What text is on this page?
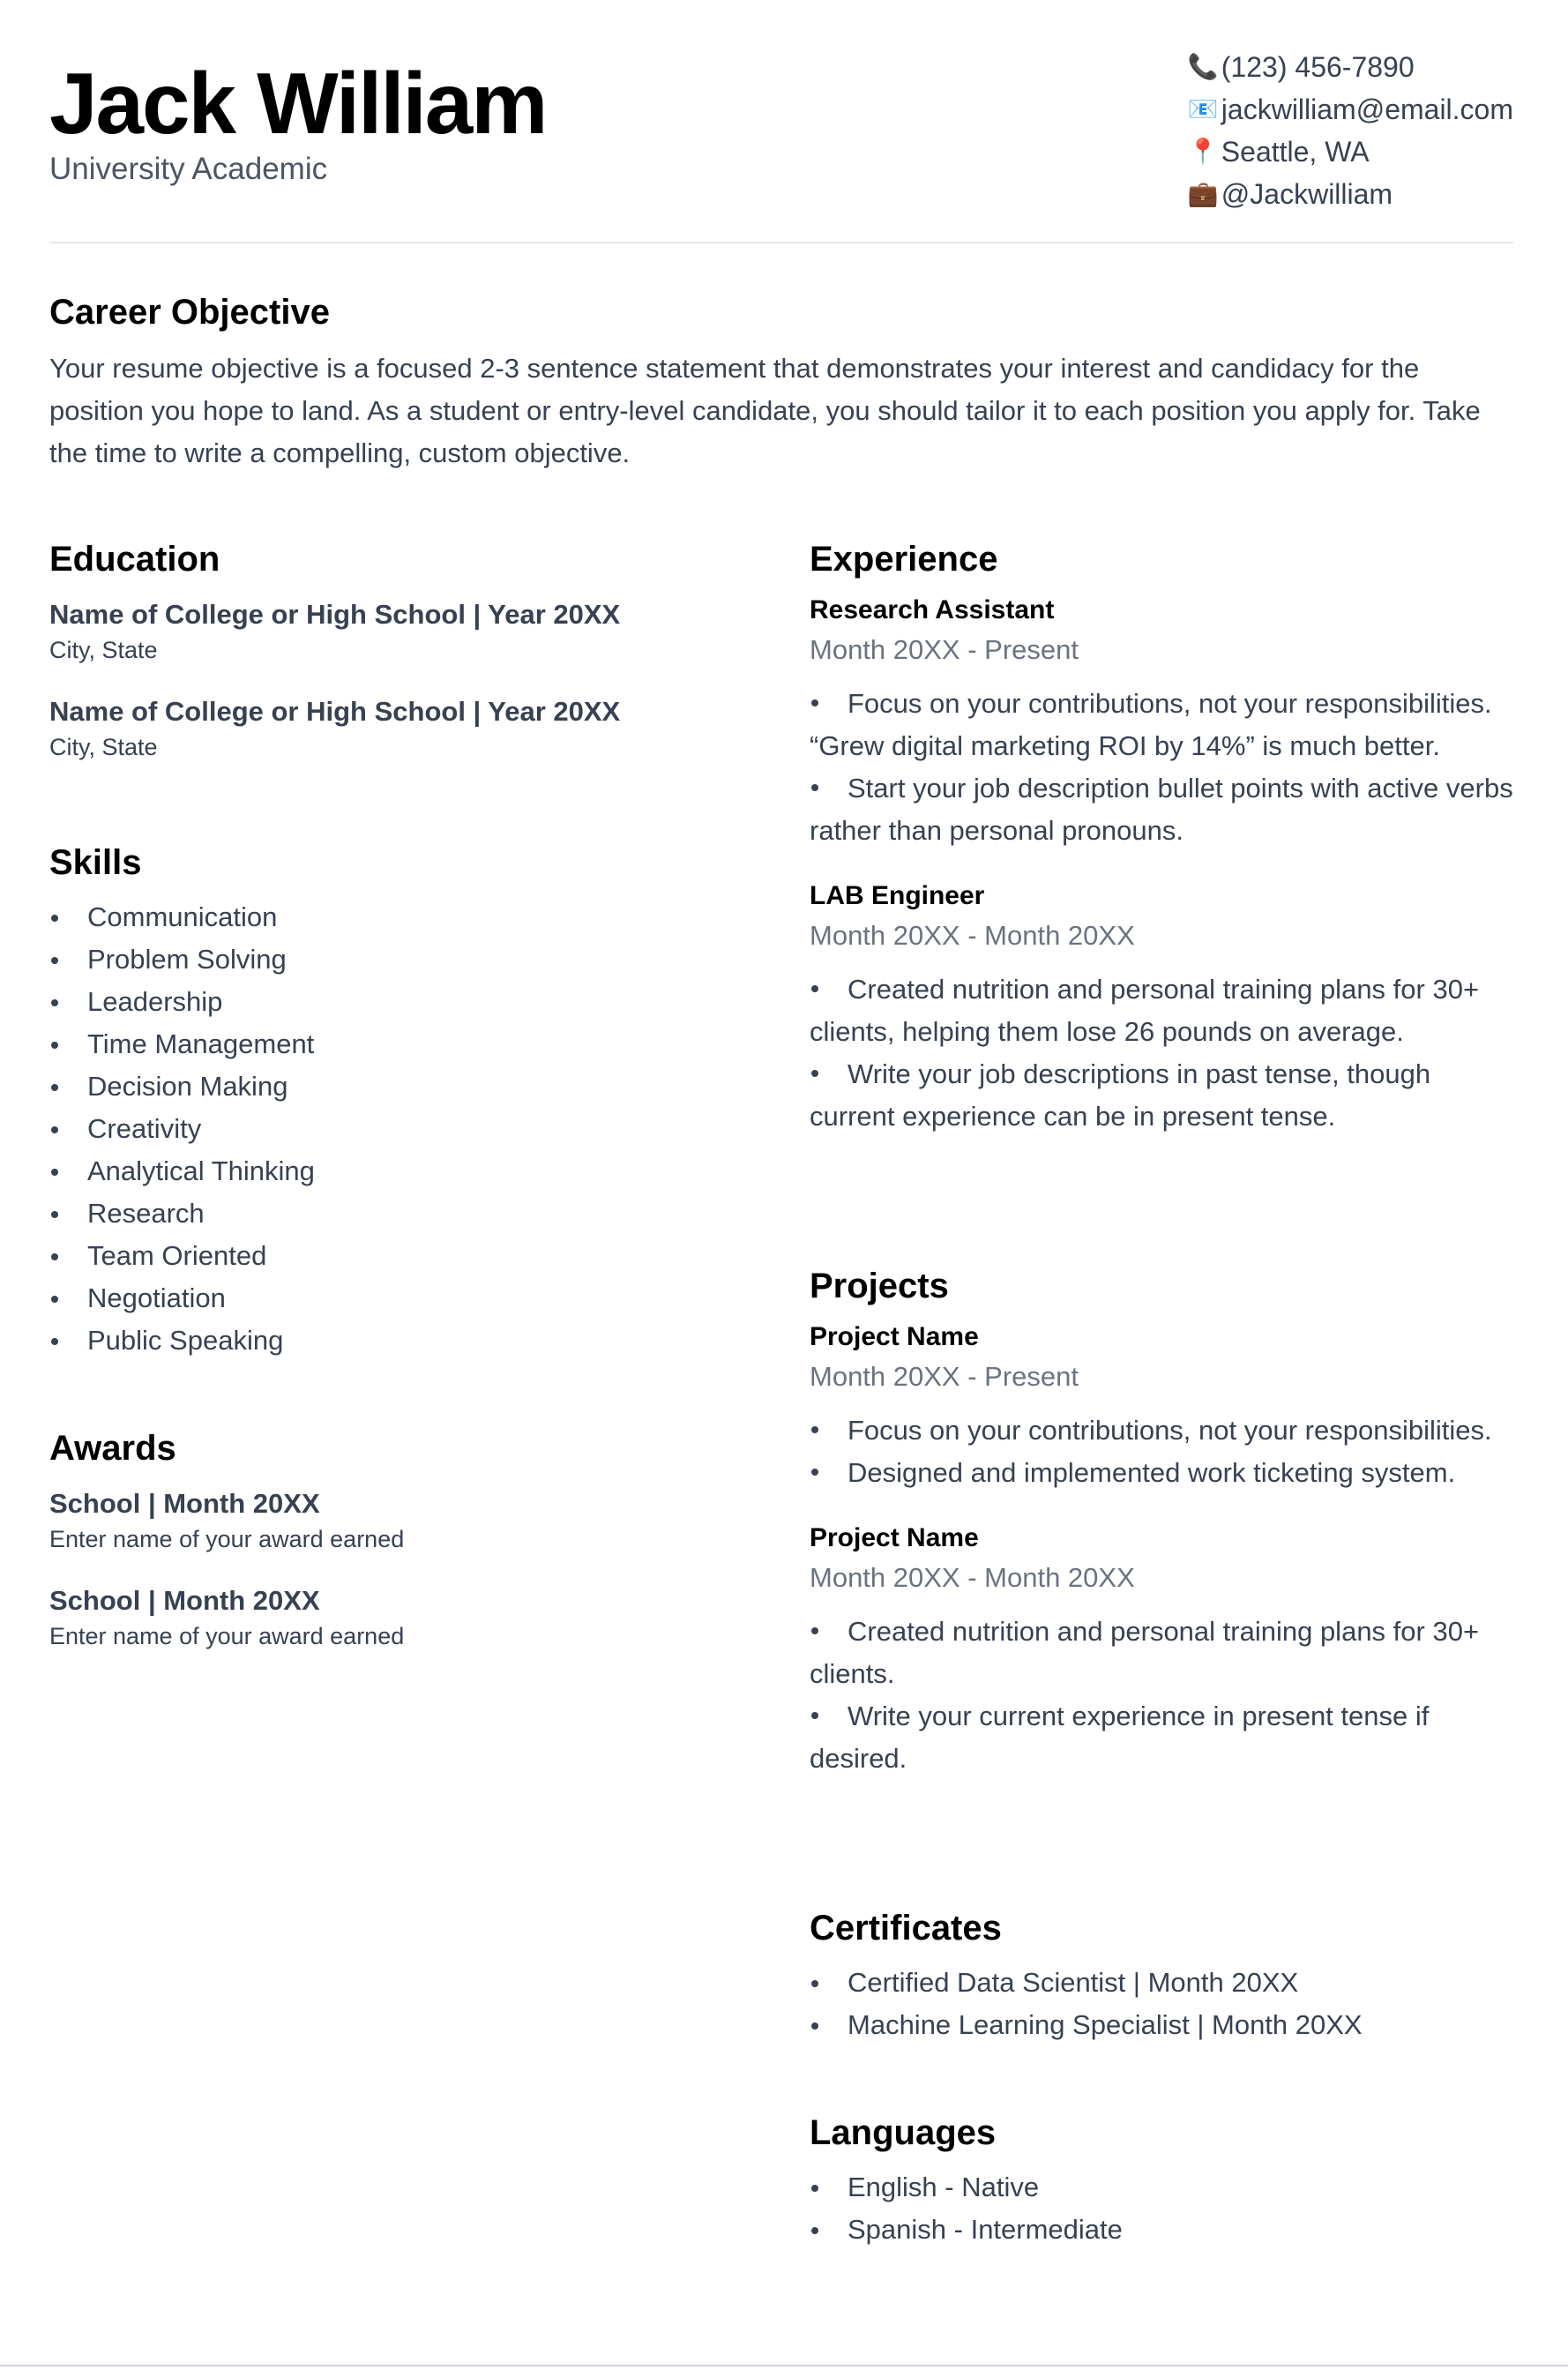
Jack William
University Academic
📞 (123) 456-7890
📧 jackwilliam@email.com
📍 Seattle, WA
💼 @Jackwilliam
Career Objective

Your resume objective is a focused 2-3 sentence statement that demonstrates your interest and candidacy for the position you hope to land. As a student or entry-level candidate, you should tailor it to each position you apply for. Take the time to write a compelling, custom objective.

Education
Name of College or High School | Year 20XX
City, State
Name of College or High School | Year 20XX
City, State
Skills
Communication
Problem Solving
Leadership
Time Management
Decision Making
Creativity
Analytical Thinking
Research
Team Oriented
Negotiation
Public Speaking
Awards
School | Month 20XX
Enter name of your award earned
School | Month 20XX
Enter name of your award earned
Experience
Research Assistant
Month 20XX - Present
Focus on your contributions, not your responsibilities. “Grew digital marketing ROI by 14%” is much better.
Start your job description bullet points with active verbs rather than personal pronouns.
LAB Engineer
Month 20XX - Month 20XX
Created nutrition and personal training plans for 30+ clients, helping them lose 26 pounds on average.
Write your job descriptions in past tense, though current experience can be in present tense.
Projects
Project Name
Month 20XX - Present
Focus on your contributions, not your responsibilities.
Designed and implemented work ticketing system.
Project Name
Month 20XX - Month 20XX
Created nutrition and personal training plans for 30+ clients.
Write your current experience in present tense if desired.
Certificates
Certified Data Scientist | Month 20XX
Machine Learning Specialist | Month 20XX
Languages
English - Native
Spanish - Intermediate
